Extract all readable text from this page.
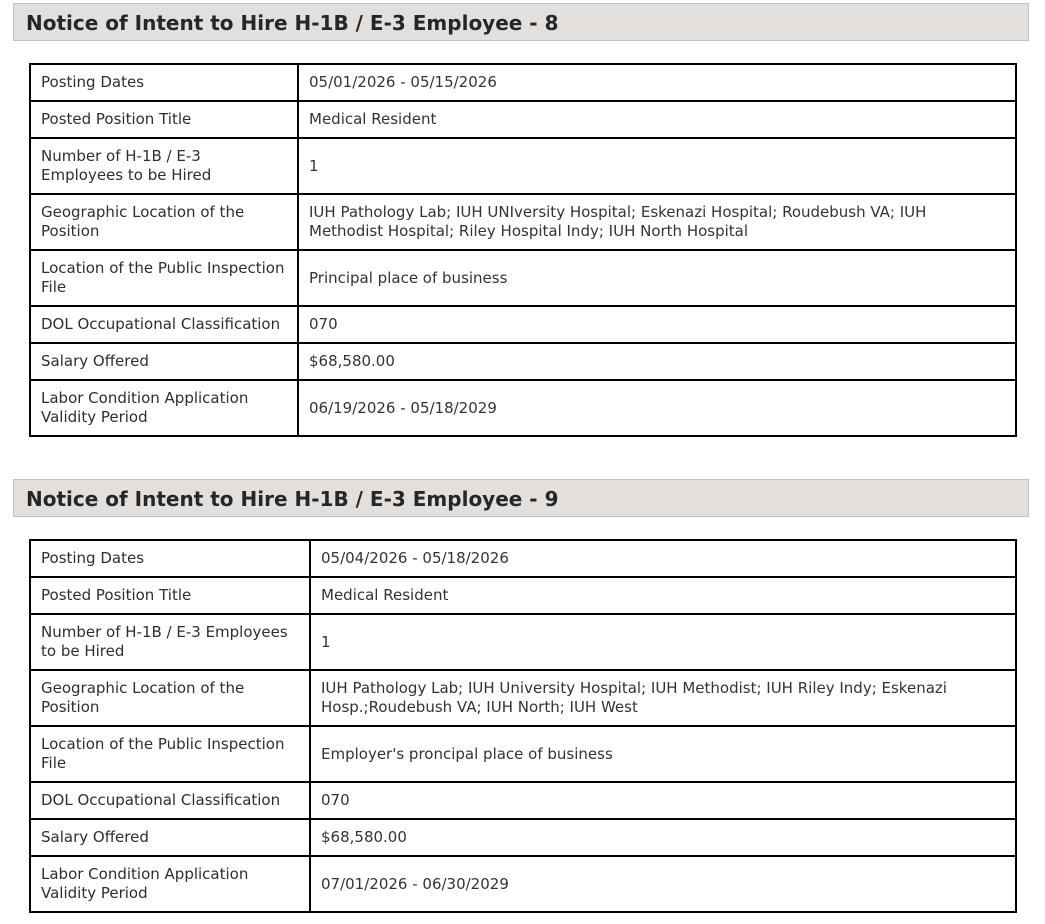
Notice of Intent to Hire H-1B / E-3 Employee - 8
Posting Dates	05/01/2026 - 05/15/2026
Posted Position Title	Medical Resident
Number of H-1B / E-3 Employees to be Hired	1
Geographic Location of the Position	IUH Pathology Lab; IUH UNIversity Hospital; Eskenazi Hospital; Roudebush VA; IUH Methodist Hospital; Riley Hospital Indy; IUH North Hospital
Location of the Public Inspection File	Principal place of business
DOL Occupational Classification	070
Salary Offered	$68,580.00
Labor Condition Application Validity Period	06/19/2026 - 05/18/2029
Notice of Intent to Hire H-1B / E-3 Employee - 9
Posting Dates	05/04/2026 - 05/18/2026
Posted Position Title	Medical Resident
Number of H-1B / E-3 Employees to be Hired	1
Geographic Location of the Position	IUH Pathology Lab; IUH University Hospital; IUH Methodist; IUH Riley Indy; Eskenazi Hosp.;Roudebush VA; IUH North; IUH West
Location of the Public Inspection File	Employer's proncipal place of business
DOL Occupational Classification	070
Salary Offered	$68,580.00
Labor Condition Application Validity Period	07/01/2026 - 06/30/2029
